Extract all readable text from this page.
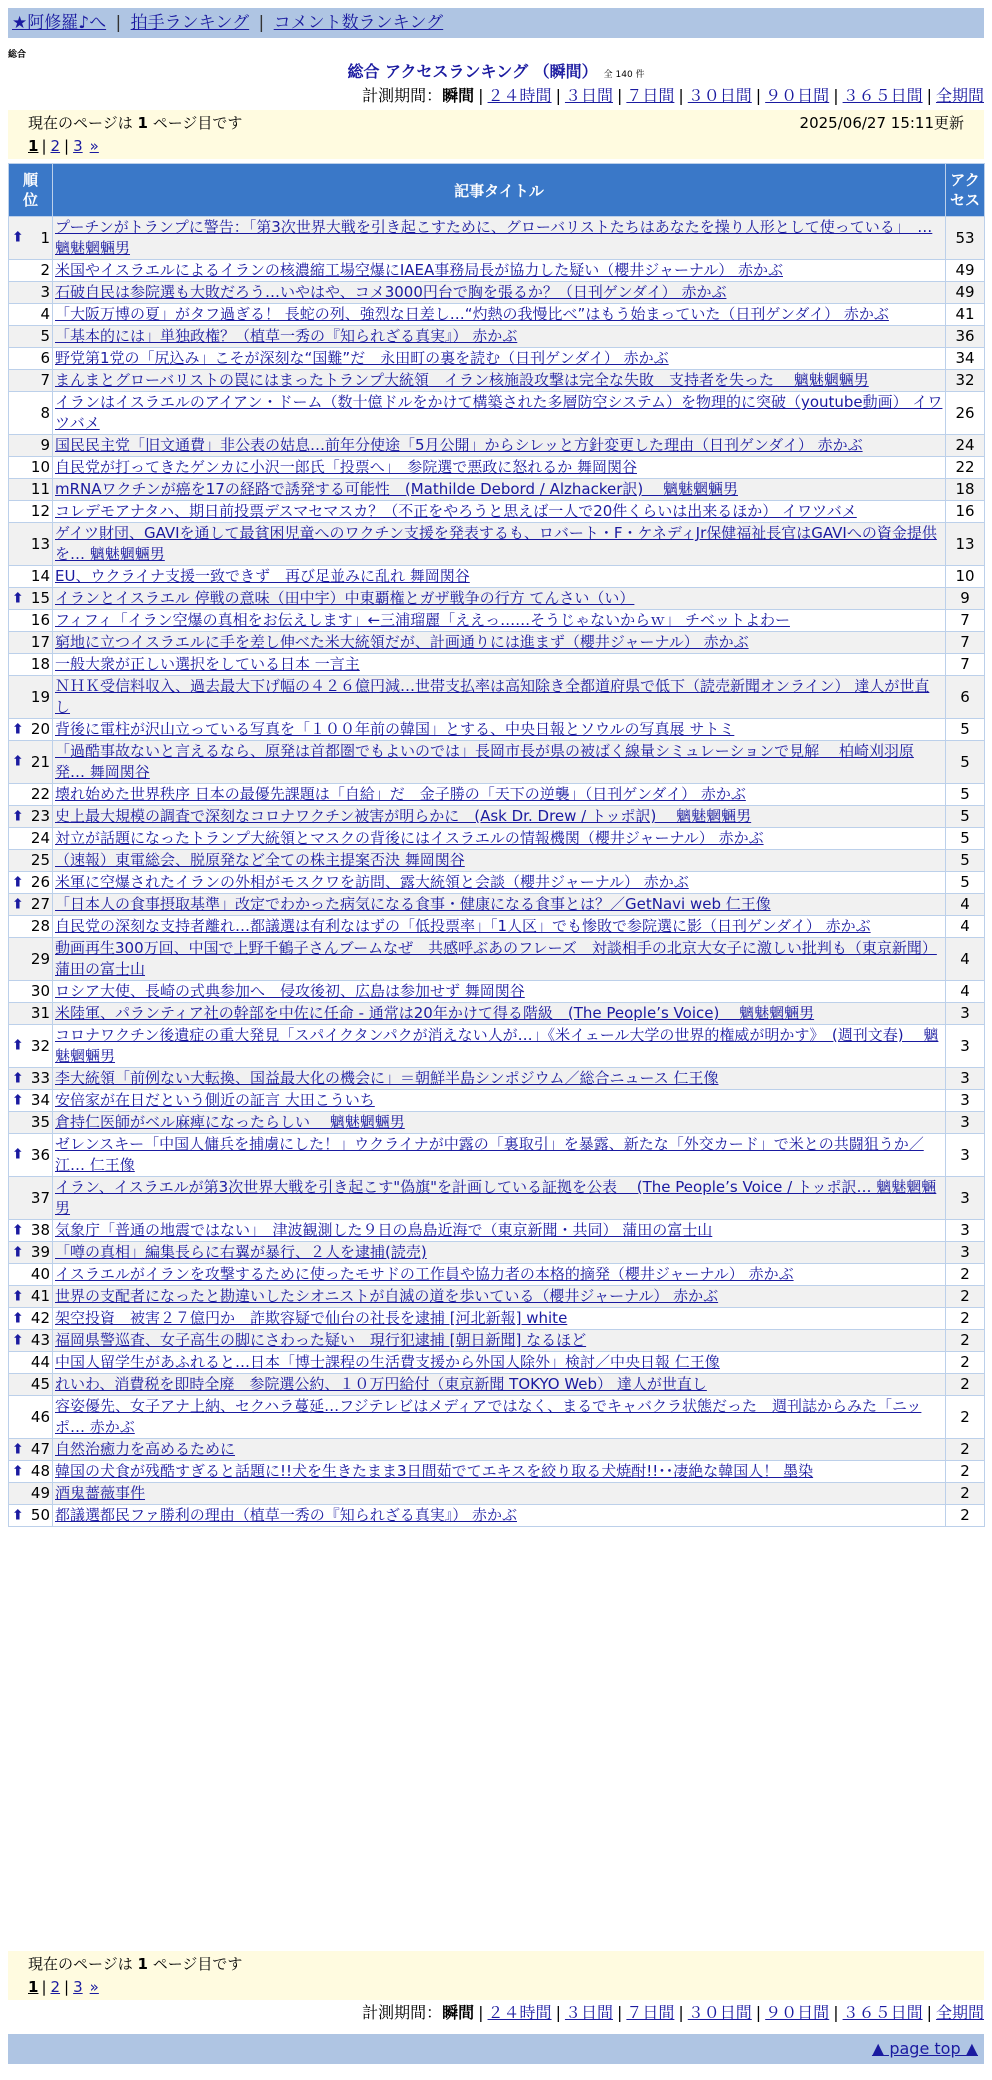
★阿修羅♪へ | 拍手ランキング | コメント数ランキング
総合
総合 アクセスランキング （瞬間） 全 140 件
計測期間：瞬間 | ２４時間 | ３日間 | ７日間 | ３０日間 | ９０日間 | ３６５日間 | 全期間
現在のページは 1 ページ目です	2025/06/27 15:11更新
1 | 2 | 3 »
順位	記事タイトル	アクセス

⬆ 1	プーチンがトランプに警告：「第3次世界大戦を引き起こすために、グローバリストたちはあなたを操り人形として使っている」　… 魑魅魍魎男	53
2	米国やイスラエルによるイランの核濃縮工場空爆にIAEA事務局長が協力した疑い（櫻井ジャーナル） 赤かぶ	49
3	石破自民は参院選も大敗だろう…いやはや、コメ3000円台で胸を張るか？（日刊ゲンダイ） 赤かぶ	49
4	「大阪万博の夏」がタフ過ぎる！ 長蛇の列、強烈な日差し…“灼熱の我慢比べ”はもう始まっていた（日刊ゲンダイ） 赤かぶ	41
5	「基本的には」単独政権？（植草一秀の『知られざる真実』） 赤かぶ	36
6	野党第1党の「尻込み」こそが深刻な“国難”だ　永田町の裏を読む（日刊ゲンダイ） 赤かぶ	34
7	まんまとグローバリストの罠にはまったトランプ大統領　イラン核施設攻撃は完全な失敗　支持者を失った　 魑魅魍魎男	32
8	イランはイスラエルのアイアン・ドーム（数十億ドルをかけて構築された多層防空システム）を物理的に突破（youtube動画） イワツバメ	26
9	国民民主党「旧文通費」非公表の姑息…前年分使途「5月公開」からシレッと方針変更した理由（日刊ゲンダイ） 赤かぶ	24
10	自民党が打ってきたゲンカに小沢一郎氏「投票へ」　参院選で悪政に怒れるか 舞岡関谷	22
11	mRNAワクチンが癌を17の経路で誘発する可能性　(Mathilde Debord / Alzhacker訳)　 魑魅魍魎男	18
12	コレデモアナタハ、期日前投票デスマセマスカ？（不正をやろうと思えば一人で20件くらいは出来るほか） イワツバメ	16
13	ゲイツ財団、GAVIを通して最貧困児童へのワクチン支援を発表するも、ロバート・F・ケネディJr保健福祉長官はGAVIへの資金提供を… 魑魅魍魎男	13
14	EU、ウクライナ支援一致できず　再び足並みに乱れ 舞岡関谷	10

⬆ 15	イランとイスラエル 停戦の意味（田中宇）中東覇権とガザ戦争の行方 てんさい（い）	9
16	フィフィ「イラン空爆の真相をお伝えします」←三浦瑠麗「ええっ……そうじゃないからｗ」 チベットよわー	7
17	窮地に立つイスラエルに手を差し伸べた米大統領だが、計画通りには進まず（櫻井ジャーナル） 赤かぶ	7
18	一般大衆が正しい選択をしている日本 一言主	7
19	ＮＨＫ受信料収入、過去最大下げ幅の４２６億円減…世帯支払率は高知除き全都道府県で低下（読売新聞オンライン） 達人が世直し	6

⬆ 20	背後に電柱が沢山立っている写真を「１００年前の韓国」とする、中央日報とソウルの写真展 サトミ	5

⬆ 21	「過酷事故ないと言えるなら、原発は首都圏でもよいのでは」長岡市長が県の被ばく線量シミュレーションで見解　 柏崎刈羽原発… 舞岡関谷	5
22	壊れ始めた世界秩序 日本の最優先課題は「自給」だ　金子勝の「天下の逆襲」（日刊ゲンダイ） 赤かぶ	5

⬆ 23	史上最大規模の調査で深刻なコロナワクチン被害が明らかに　(Ask Dr. Drew / トッポ訳)　 魑魅魍魎男	5
24	対立が話題になったトランプ大統領とマスクの背後にはイスラエルの情報機関（櫻井ジャーナル） 赤かぶ	5
25	（速報）東電総会、脱原発など全ての株主提案否決 舞岡関谷	5

⬆ 26	米軍に空爆されたイランの外相がモスクワを訪問、露大統領と会談（櫻井ジャーナル） 赤かぶ	5

⬆ 27	「日本人の食事摂取基準」改定でわかった病気になる食事・健康になる食事とは？／GetNavi web 仁王像	4
28	自民党の深刻な支持者離れ…都議選は有利なはずの「低投票率」「1人区」でも惨敗で参院選に影（日刊ゲンダイ） 赤かぶ	4
29	動画再生300万回、中国で上野千鶴子さんブームなぜ　共感呼ぶあのフレーズ　対談相手の北京大女子に激しい批判も（東京新聞） 蒲田の富士山	4
30	ロシア大使、長崎の式典参加へ　侵攻後初、広島は参加せず 舞岡関谷	4
31	米陸軍、パランティア社の幹部を中佐に任命 - 通常は20年かけて得る階級　(The People’s Voice)　 魑魅魍魎男	3

⬆ 32	コロナワクチン後遺症の重大発見「スパイクタンパクが消えない人が…」《米イェール大学の世界的権威が明かす》　(週刊文春)　 魑魅魍魎男	3

⬆ 33	李大統領「前例ない大転換、国益最大化の機会に」＝朝鮮半島シンポジウム／総合ニュース 仁王像	3

⬆ 34	安倍家が在日だという側近の証言 大田こういち	3
35	倉持仁医師がベル麻痺になったらしい　 魑魅魍魎男	3

⬆ 36	ゼレンスキー「中国人傭兵を捕虜にした！」ウクライナが中露の「裏取引」を暴露、新たな「外交カード」で米との共闘狙うか／江… 仁王像	3
37	イラン、イスラエルが第3次世界大戦を引き起こす"偽旗"を計画している証拠を公表　 (The People’s Voice / トッポ訳… 魑魅魍魎男	3

⬆ 38	気象庁「普通の地震ではない」　津波観測した９日の鳥島近海で（東京新聞・共同） 蒲田の富士山	3

⬆ 39	「噂の真相」編集長らに右翼が暴行、２人を逮捕(読売)	3
40	イスラエルがイランを攻撃するために使ったモサドの工作員や協力者の本格的摘発（櫻井ジャーナル） 赤かぶ	2

⬆ 41	世界の支配者になったと勘違いしたシオニストが自滅の道を歩いている（櫻井ジャーナル） 赤かぶ	2

⬆ 42	架空投資　被害２７億円か　詐欺容疑で仙台の社長を逮捕 [河北新報] white	2

⬆ 43	福岡県警巡査、女子高生の脚にさわった疑い　現行犯逮捕 [朝日新聞] なるほど	2
44	中国人留学生があふれると…日本「博士課程の生活費支援から外国人除外」検討／中央日報 仁王像	2
45	れいわ、消費税を即時全廃　参院選公約、１０万円給付（東京新聞 TOKYO Web） 達人が世直し	2
46	容姿優先、女子アナ上納、セクハラ蔓延…フジテレビはメディアではなく、まるでキャバクラ状態だった　週刊誌からみた「ニッポ… 赤かぶ	2

⬆ 47	自然治癒力を高めるために	2

⬆ 48	韓国の犬食が残酷すぎると話題に!!犬を生きたまま3日間茹でてエキスを絞り取る犬焼酎!!･･凄絶な韓国人！ 墨染	2
49	酒鬼薔薇事件	2

⬆ 50	都議選都民ファ勝利の理由（植草一秀の『知られざる真実』） 赤かぶ	2
現在のページは 1 ページ目です
1 | 2 | 3 »
計測期間：瞬間 | ２４時間 | ３日間 | ７日間 | ３０日間 | ９０日間 | ３６５日間 | 全期間
▲ page top ▲
